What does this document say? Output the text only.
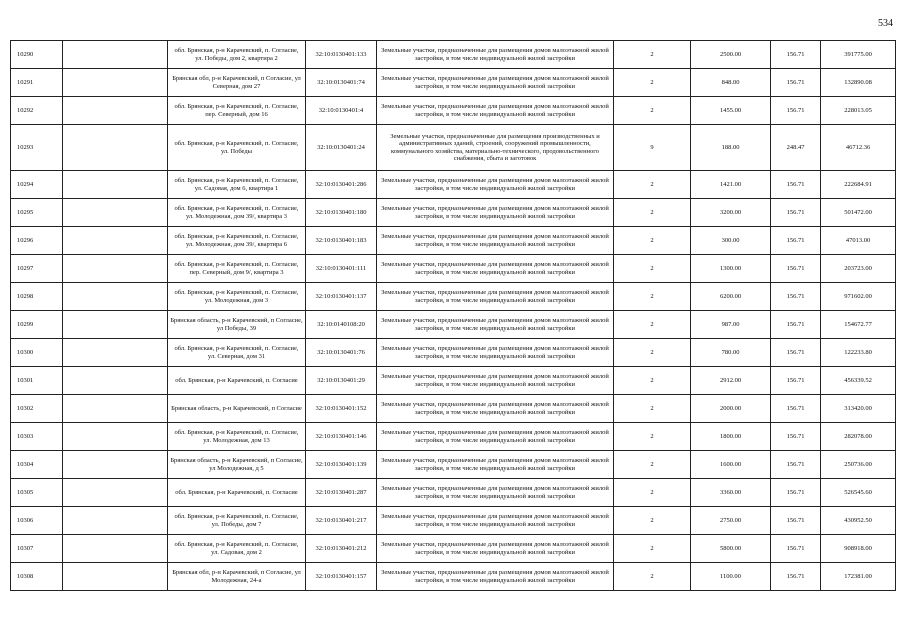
534
10290		обл. Брянская, р-н Карачевский, п. Согласие, ул. Победы, дом 2, квартира 2	32:10:0130401:133	Земельные участки, предназначенные для размещения домов малоэтажной жилой застройки, в том числе индивидуальной жилой застройки	2	2500.00	156.71	391775.00
10291		Брянская обл, р-н Карачевский, п Согласие, ул Северная, дом 27	32:10:0130401:74	Земельные участки, предназначенные для размещения домов малоэтажной жилой застройки, в том числе индивидуальной жилой застройки	2	848.00	156.71	132890.08
10292		обл. Брянская, р-н Карачевский, п. Согласие, пер. Северный, дом 16	32:10:0130401:4	Земельные участки, предназначенные для размещения домов малоэтажной жилой застройки, в том числе индивидуальной жилой застройки	2	1455.00	156.71	228013.05
10293		обл. Брянская, р-н Карачевский, п. Согласие, ул. Победы	32:10:0130401:24	Земельные участки, предназначенные для размещения производственных и административных зданий, строений, сооружений промышленности, коммунального хозяйства, материально-технического, продовольственного снабжения, сбыта и заготовок	9	188.00	248.47	46712.36
10294		обл. Брянская, р-н Карачевский, п. Согласие, ул. Садовая, дом 6, квартира 1	32:10:0130401:286	Земельные участки, предназначенные для размещения домов малоэтажной жилой застройки, в том числе индивидуальной жилой застройки	2	1421.00	156.71	222684.91
10295		обл. Брянская, р-н Карачевский, п. Согласие, ул. Молодежная, дом 39/, квартира 3	32:10:0130401:180	Земельные участки, предназначенные для размещения домов малоэтажной жилой застройки, в том числе индивидуальной жилой застройки	2	3200.00	156.71	501472.00
10296		обл. Брянская, р-н Карачевский, п. Согласие, ул. Молодежная, дом 39/, квартира 6	32:10:0130401:183	Земельные участки, предназначенные для размещения домов малоэтажной жилой застройки, в том числе индивидуальной жилой застройки	2	300.00	156.71	47013.00
10297		обл. Брянская, р-н Карачевский, п. Согласие, пер. Северный, дом 9/, квартира 3	32:10:0130401:111	Земельные участки, предназначенные для размещения домов малоэтажной жилой застройки, в том числе индивидуальной жилой застройки	2	1300.00	156.71	203723.00
10298		обл. Брянская, р-н Карачевский, п. Согласие, ул. Молодежная, дом 3	32:10:0130401:137	Земельные участки, предназначенные для размещения домов малоэтажной жилой застройки, в том числе индивидуальной жилой застройки	2	6200.00	156.71	971602.00
10299		Брянская область, р-н Карачевский, п Согласие, ул Победы, 39	32:10:0140108:20	Земельные участки, предназначенные для размещения домов малоэтажной жилой застройки, в том числе индивидуальной жилой застройки	2	987.00	156.71	154672.77
10300		обл. Брянская, р-н Карачевский, п. Согласие, ул. Северная, дом 31	32:10:0130401:76	Земельные участки, предназначенные для размещения домов малоэтажной жилой застройки, в том числе индивидуальной жилой застройки	2	780.00	156.71	122233.80
10301		обл. Брянская, р-н Карачевский, п. Согласие	32:10:0130401:29	Земельные участки, предназначенные для размещения домов малоэтажной жилой застройки, в том числе индивидуальной жилой застройки	2	2912.00	156.71	456339.52
10302		Брянская область, р-н Карачевский, п Согласие	32:10:0130401:152	Земельные участки, предназначенные для размещения домов малоэтажной жилой застройки, в том числе индивидуальной жилой застройки	2	2000.00	156.71	313420.00
10303		обл. Брянская, р-н Карачевский, п. Согласие, ул. Молодежная, дом 13	32:10:0130401:146	Земельные участки, предназначенные для размещения домов малоэтажной жилой застройки, в том числе индивидуальной жилой застройки	2	1800.00	156.71	282078.00
10304		Брянская область, р-н Карачевский, п Согласие, ул Молодежная, д 5	32:10:0130401:139	Земельные участки, предназначенные для размещения домов малоэтажной жилой застройки, в том числе индивидуальной жилой застройки	2	1600.00	156.71	250736.00
10305		обл. Брянская, р-н Карачевский, п. Согласие	32:10:0130401:287	Земельные участки, предназначенные для размещения домов малоэтажной жилой застройки, в том числе индивидуальной жилой застройки	2	3360.00	156.71	526545.60
10306		обл. Брянская, р-н Карачевский, п. Согласие, ул. Победы, дом 7	32:10:0130401:217	Земельные участки, предназначенные для размещения домов малоэтажной жилой застройки, в том числе индивидуальной жилой застройки	2	2750.00	156.71	430952.50
10307		обл. Брянская, р-н Карачевский, п. Согласие, ул. Садовая, дом 2	32:10:0130401:212	Земельные участки, предназначенные для размещения домов малоэтажной жилой застройки, в том числе индивидуальной жилой застройки	2	5800.00	156.71	908918.00
10308		Брянская обл, р-н Карачевский, п Согласие, ул Молодежная, 24-а	32:10:0130401:157	Земельные участки, предназначенные для размещения домов малоэтажной жилой застройки, в том числе индивидуальной жилой застройки	2	1100.00	156.71	172381.00
